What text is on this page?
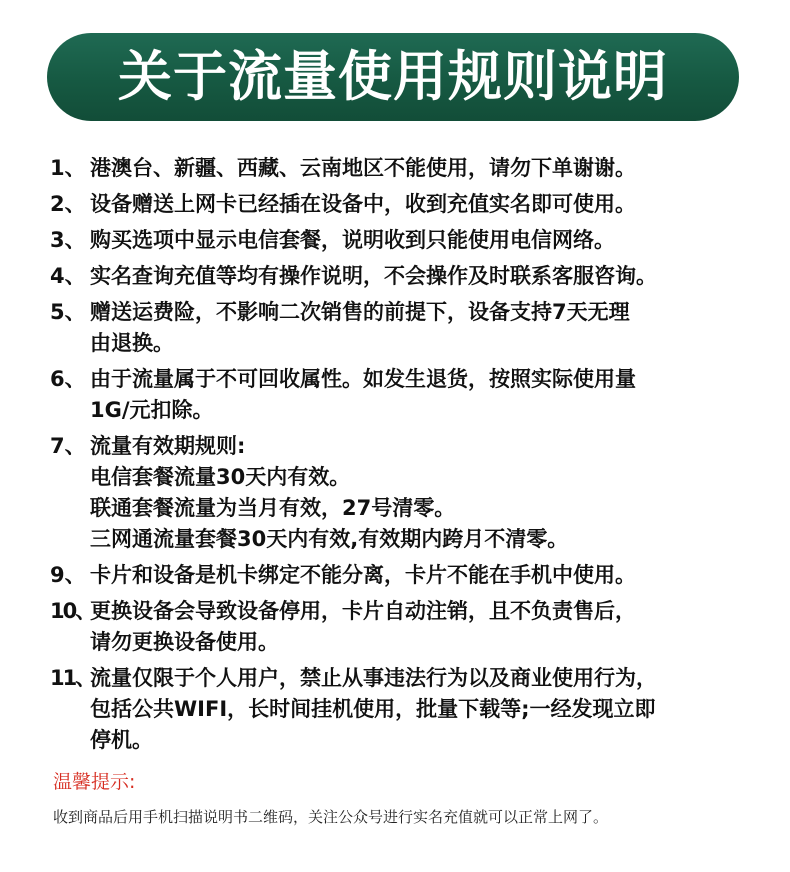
关于流量使用规则说明
1、 港澳台、新疆、西藏、云南地区不能使用，请勿下单谢谢。
2、 设备赠送上网卡已经插在设备中，收到充值实名即可使用。
3、 购买选项中显示电信套餐，说明收到只能使用电信网络。
4、 实名查询充值等均有操作说明，不会操作及时联系客服咨询。
5、 赠送运费险，不影响二次销售的前提下，设备支持7天无理
由退换。
6、 由于流量属于不可回收属性。如发生退货，按照实际使用量
1G/元扣除。
7、 流量有效期规则:
电信套餐流量30天内有效。
联通套餐流量为当月有效，27号清零。
三网通流量套餐30天内有效,有效期内跨月不清零。
9、 卡片和设备是机卡绑定不能分离，卡片不能在手机中使用。
10、
更换设备会导致设备停用，卡片自动注销，且不负责售后，
请勿更换设备使用。
11、
流量仅限于个人用户，禁止从事违法行为以及商业使用行为，
包括公共WIFI，长时间挂机使用，批量下载等;一经发现立即
停机。
温馨提示:
收到商品后用手机扫描说明书二维码，关注公众号进行实名充值就可以正常上网了。
